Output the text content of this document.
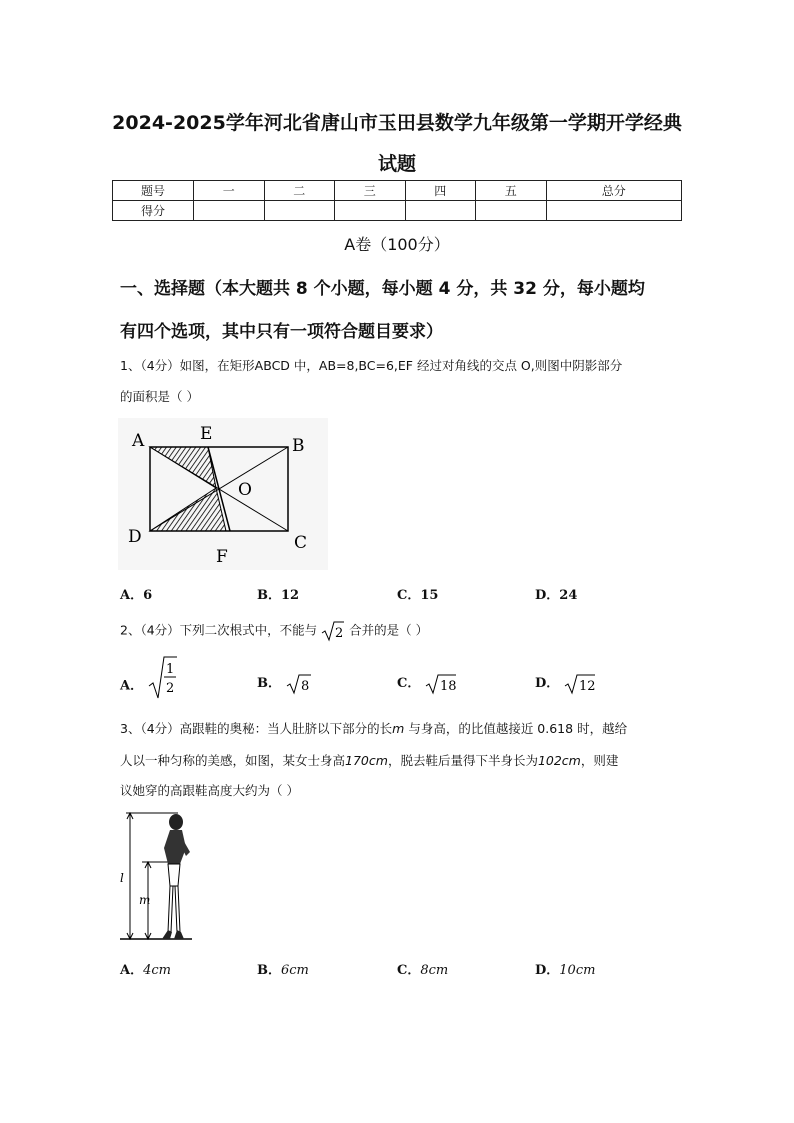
2024-2025学年河北省唐山市玉田县数学九年级第一学期开学经典
试题
题号	一	二	三	四	五	总分
得分						
A卷（100分）
一、选择题（本大题共 8 个小题，每小题 4 分，共 32 分，每小题均
有四个选项，其中只有一项符合题目要求）
1、（4分）如图，在矩形ABCD 中，AB=8,BC=6,EF 经过对角线的交点 O,则图中阴影部分
的面积是（ ）
A	E
B
O
D
F
C
A．6	B．12	C．15	D．24
2、（4分）下列二次根式中，不能与 2 合并的是（ ）
A．
1
2	B． 8	C． 18	D． 12
3、（4分）高跟鞋的奥秘：当人肚脐以下部分的长m 与身高，的比值越接近 0.618 时，越给
人以一种匀称的美感，如图，某女士身高170cm，脱去鞋后量得下半身长为102cm，则建
议她穿的高跟鞋高度大约为（ ）
l
m
A．4cm	B．6cm	C．8cm	D．10cm
